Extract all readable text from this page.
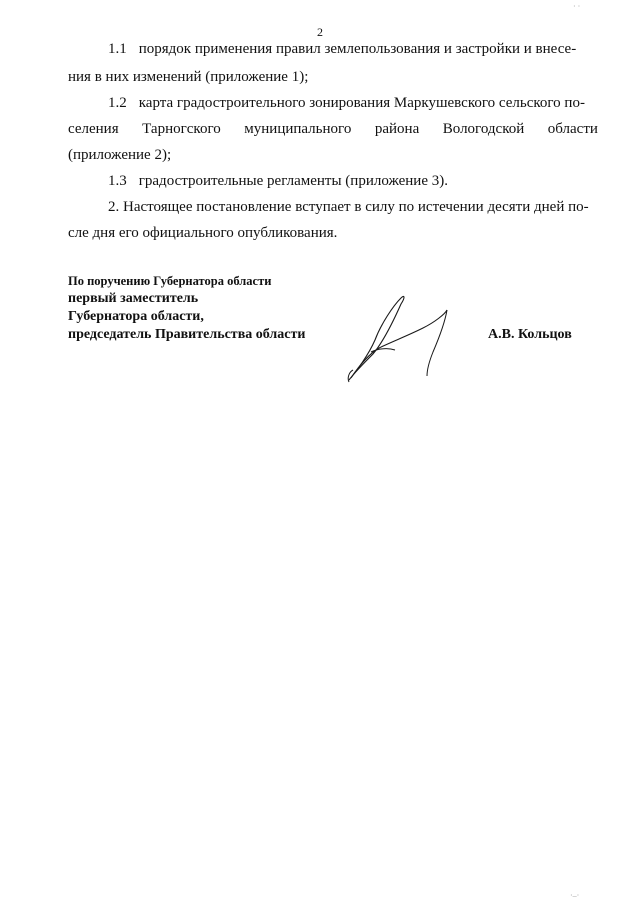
2
1.1 порядок применения правил землепользования и застройки и внесе-
ния в них изменений (приложение 1);
1.2 карта градостроительного зонирования Маркушевского сельского по-
селения Тарногского муниципального района Вологодской области
(приложение 2);
1.3 градостроительные регламенты (приложение 3).
2. Настоящее постановление вступает в силу по истечении десяти дней по-
сле дня его официального опубликования.
По поручению Губернатора области
первый заместитель
Губернатора области,
председатель Правительства области	А.В. Кольцов
· ·
·–·
